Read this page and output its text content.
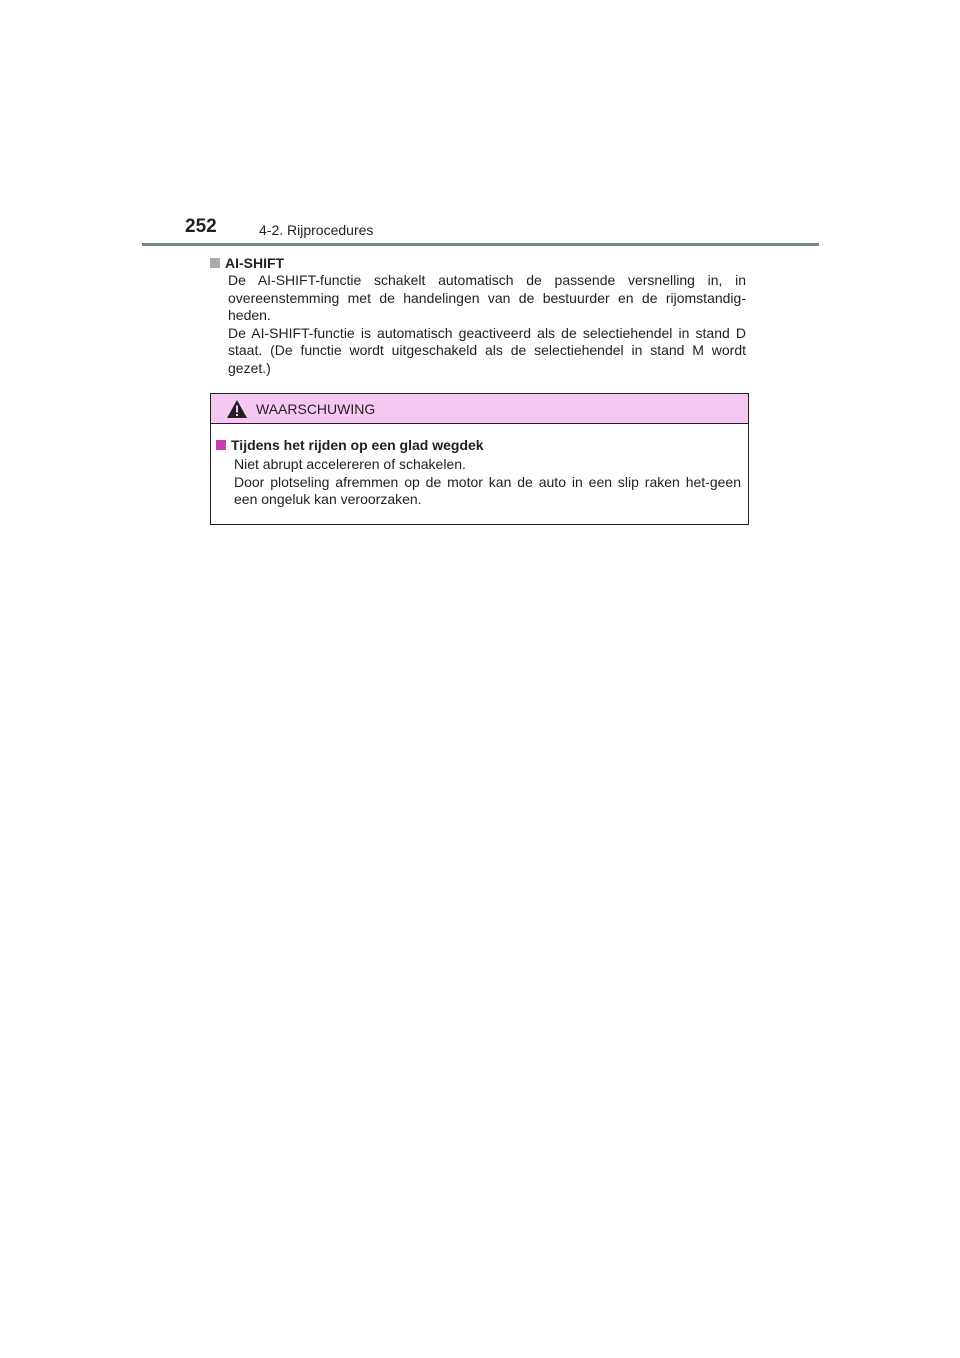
252	4-2. Rijprocedures
AI-SHIFT

De AI-SHIFT-functie schakelt automatisch de passende versnelling in, in overeenstemming met de handelingen van de bestuurder en de rijomstandig-heden.

De AI-SHIFT-functie is automatisch geactiveerd als de selectiehendel in stand D staat. (De functie wordt uitgeschakeld als de selectiehendel in stand M wordt gezet.)

WAARSCHUWING
Tijdens het rijden op een glad wegdek

Niet abrupt accelereren of schakelen.

Door plotseling afremmen op de motor kan de auto in een slip raken het-geen een ongeluk kan veroorzaken.
